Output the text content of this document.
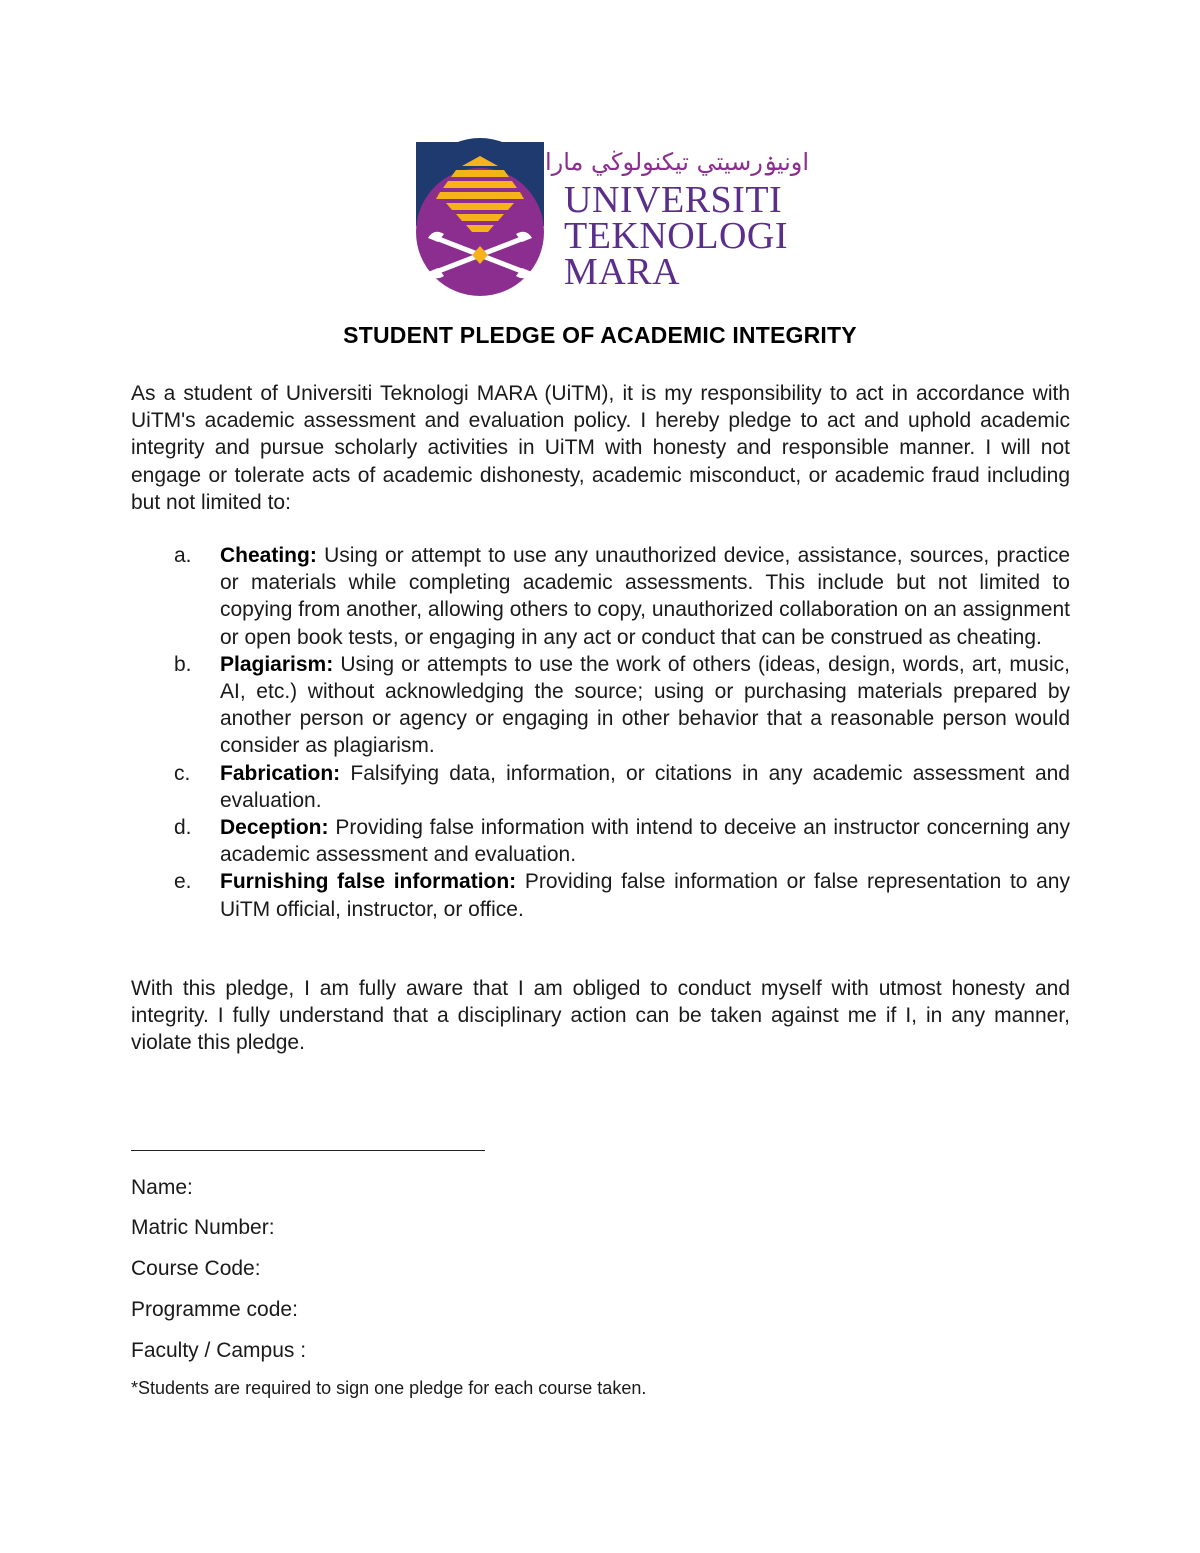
اونيۏرسيتي تيكنولوڬي مارا
UNIVERSITI
TEKNOLOGI
MARA
STUDENT PLEDGE OF ACADEMIC INTEGRITY
As a student of Universiti Teknologi MARA (UiTM), it is my responsibility to act in accordance with UiTM's academic assessment and evaluation policy. I hereby pledge to act and uphold academic integrity and pursue scholarly activities in UiTM with honesty and responsible manner. I will not engage or tolerate acts of academic dishonesty, academic misconduct, or academic fraud including but not limited to:
a. Cheating: Using or attempt to use any unauthorized device, assistance, sources, practice or materials while completing academic assessments. This include but not limited to copying from another, allowing others to copy, unauthorized collaboration on an assignment or open book tests, or engaging in any act or conduct that can be construed as cheating.
b. Plagiarism: Using or attempts to use the work of others (ideas, design, words, art, music, AI, etc.) without acknowledging the source; using or purchasing materials prepared by another person or agency or engaging in other behavior that a reasonable person would consider as plagiarism.
c. Fabrication: Falsifying data, information, or citations in any academic assessment and evaluation.
d. Deception: Providing false information with intend to deceive an instructor concerning any academic assessment and evaluation.
e. Furnishing false information: Providing false information or false representation to any UiTM official, instructor, or office.
With this pledge, I am fully aware that I am obliged to conduct myself with utmost honesty and integrity. I fully understand that a disciplinary action can be taken against me if I, in any manner, violate this pledge.
Name:
Matric Number:
Course Code:
Programme code:
Faculty / Campus :
*Students are required to sign one pledge for each course taken.
